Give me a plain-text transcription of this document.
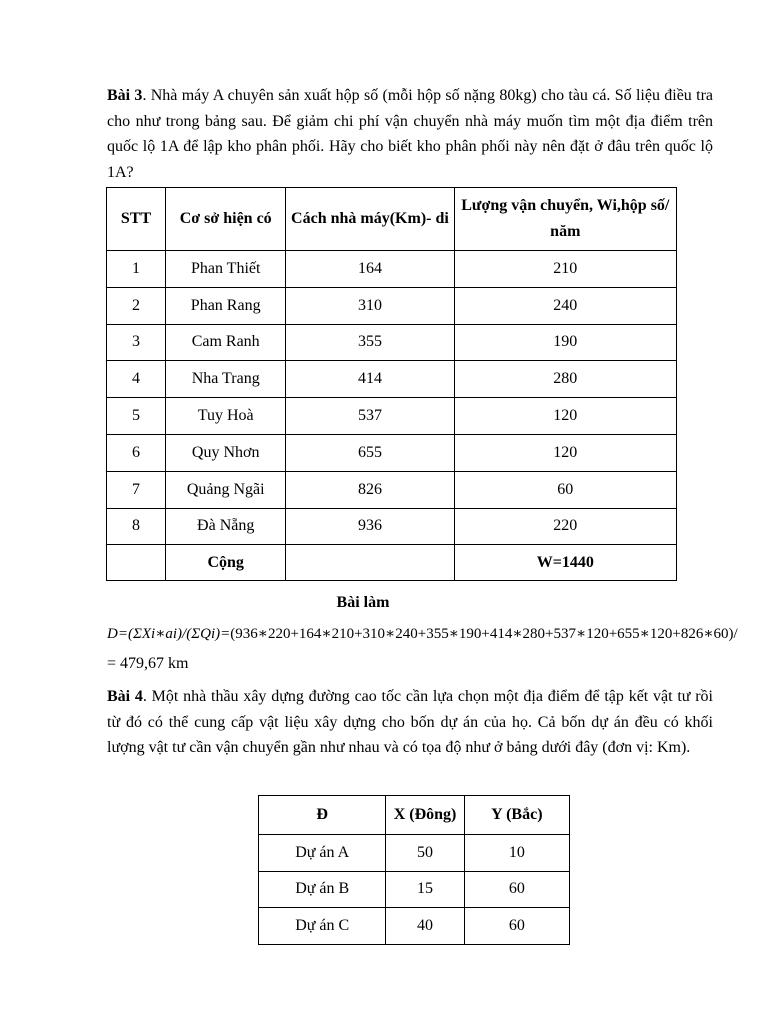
Bài 3. Nhà máy A chuyên sản xuất hộp số (mỗi hộp số nặng 80kg) cho tàu cá. Số liệu điều tra cho như trong bảng sau. Để giảm chi phí vận chuyển nhà máy muốn tìm một địa điểm trên quốc lộ 1A để lập kho phân phối. Hãy cho biết kho phân phối này nên đặt ở đâu trên quốc lộ 1A?

STT	Cơ sở hiện có	Cách nhà máy(Km)- di	Lượng vận chuyển, Wi,hộp số/ năm
1	Phan Thiết	164	210
2	Phan Rang	310	240
3	Cam Ranh	355	190
4	Nha Trang	414	280
5	Tuy Hoà	537	120
6	Quy Nhơn	655	120
7	Quảng Ngãi	826	60
8	Đà Nẵng	936	220
	Cộng		W=1440
Bài làm
D=(ΣXi∗ai)/(ΣQi)=(936∗220+164∗210+310∗240+355∗190+414∗280+537∗120+655∗120+826∗60)/
= 479,67 km

Bài 4. Một nhà thầu xây dựng đường cao tốc cần lựa chọn một địa điểm để tập kết vật tư rồi từ đó có thể cung cấp vật liệu xây dựng cho bốn dự án của họ. Cả bốn dự án đều có khối lượng vật tư cần vận chuyển gần như nhau và có tọa độ như ở bảng dưới đây (đơn vị: Km).

Đ	X (Đông)	Y (Bắc)
Dự án A	50	10
Dự án B	15	60
Dự án C	40	60
